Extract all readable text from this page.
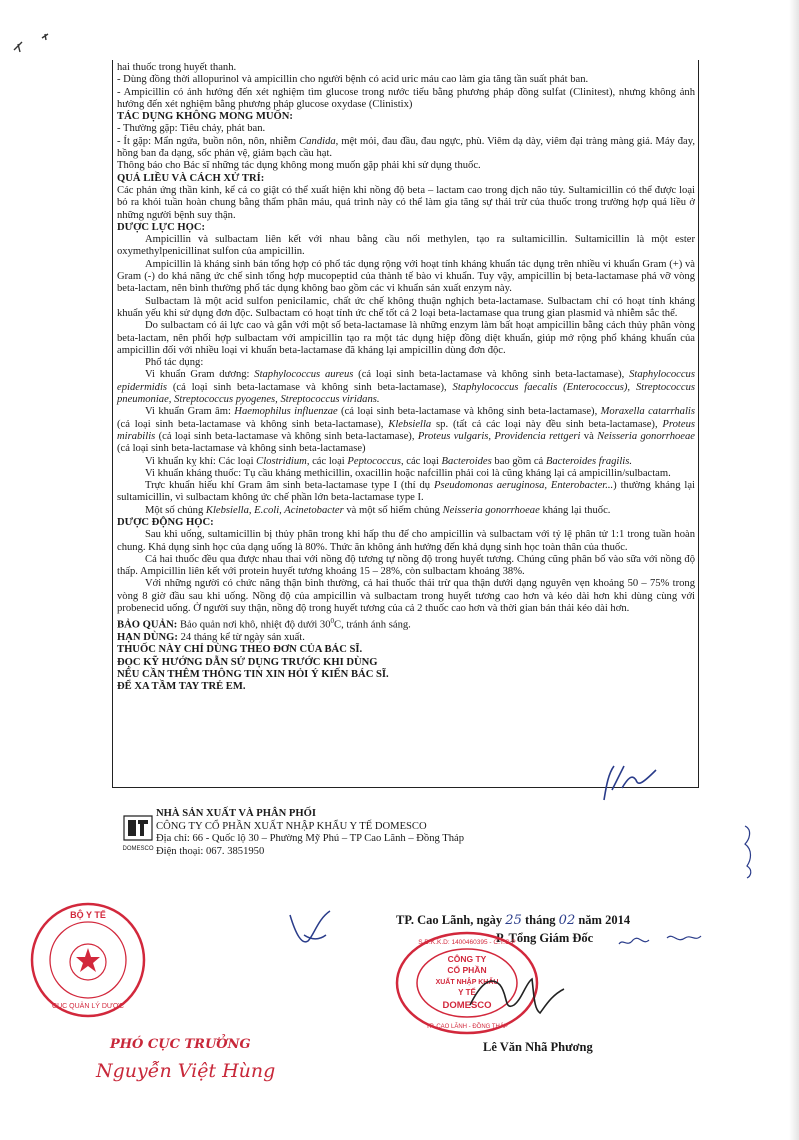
hai thuốc trong huyết thanh.

- Dùng đồng thời allopurinol và ampicillin cho người bệnh có acid uric máu cao làm gia tăng tần suất phát ban.

- Ampicillin có ảnh hưởng đến xét nghiệm tìm glucose trong nước tiểu bằng phương pháp đồng sulfat (Clinitest), nhưng không ảnh hưởng đến xét nghiệm bằng phương pháp glucose oxydase (Clinistix)

TÁC DỤNG KHÔNG MONG MUỐN:

- Thường gặp: Tiêu chảy, phát ban.

- Ít gặp: Mẩn ngứa, buồn nôn, nôn, nhiễm Candida, mệt mỏi, đau đầu, đau ngực, phù. Viêm dạ dày, viêm đại tràng màng giả. Máy đay, hồng ban đa dạng, sốc phản vệ, giảm bạch cầu hạt.

Thông báo cho Bác sĩ những tác dụng không mong muốn gặp phải khi sử dụng thuốc.

QUÁ LIỀU VÀ CÁCH XỬ TRÍ:

Các phản ứng thần kinh, kể cả co giật có thể xuất hiện khi nồng độ beta – lactam cao trong dịch não tủy. Sultamicillin có thể được loại bỏ ra khỏi tuần hoàn chung bằng thẩm phân máu, quá trình này có thể làm gia tăng sự thải trừ của thuốc trong trường hợp quá liều ở những người bệnh suy thận.

DƯỢC LỰC HỌC:

Ampicillin và sulbactam liên kết với nhau bằng cầu nối methylen, tạo ra sultamicillin. Sultamicillin là một ester oxymethylpenicillinat sulfon của ampicillin.

Ampicillin là kháng sinh bán tổng hợp có phổ tác dụng rộng với hoạt tính kháng khuẩn tác dụng trên nhiều vi khuẩn Gram (+) và Gram (-) do khả năng ức chế sinh tổng hợp mucopeptid của thành tế bào vi khuẩn. Tuy vậy, ampicillin bị beta-lactamase phá vỡ vòng beta-lactam, nên bình thường phổ tác dụng không bao gồm các vi khuẩn sản xuất enzym này.

Sulbactam là một acid sulfon penicilamic, chất ức chế không thuận nghịch beta-lactamase. Sulbactam chỉ có hoạt tính kháng khuẩn yếu khi sử dụng đơn độc. Sulbactam có hoạt tính ức chế tốt cả 2 loại beta-lactamase qua trung gian plasmid và nhiễm sắc thể.

Do sulbactam có ái lực cao và gắn với một số beta-lactamase là những enzym làm bất hoạt ampicillin bằng cách thủy phân vòng beta-lactam, nên phối hợp sulbactam với ampicillin tạo ra một tác dụng hiệp đồng diệt khuẩn, giúp mở rộng phổ kháng khuẩn của ampicillin đối với nhiều loại vi khuẩn beta-lactamase đã kháng lại ampicillin dùng đơn độc.

Phổ tác dụng:

Vi khuẩn Gram dương: Staphylococcus aureus (cả loại sinh beta-lactamase và không sinh beta-lactamase), Staphylococcus epidermidis (cả loại sinh beta-lactamase và không sinh beta-lactamase), Staphylococcus faecalis (Enterococcus), Streptococcus pneumoniae, Streptococcus pyogenes, Streptococcus viridans.

Vi khuẩn Gram âm: Haemophilus influenzae (cả loại sinh beta-lactamase và không sinh beta-lactamase), Moraxella catarrhalis (cả loại sinh beta-lactamase và không sinh beta-lactamase), Klebsiella sp. (tất cả các loại này đều sinh beta-lactamase), Proteus mirabilis (cả loại sinh beta-lactamase và không sinh beta-lactamase), Proteus vulgaris, Providencia rettgeri và Neisseria gonorrhoeae (cả loại sinh beta-lactamase và không sinh beta-lactamase)

Vi khuẩn kỵ khí: Các loại Clostridium, các loại Peptococcus, các loại Bacteroides bao gồm cả Bacteroides fragilis.

Vi khuẩn kháng thuốc: Tụ cầu kháng methicillin, oxacillin hoặc nafcillin phải coi là cũng kháng lại cả ampicillin/sulbactam.

Trực khuẩn hiếu khí Gram âm sinh beta-lactamase type I (thí dụ Pseudomonas aeruginosa, Enterobacter...) thường kháng lại sultamicillin, vì sulbactam không ức chế phần lớn beta-lactamase type I.

Một số chủng Klebsiella, E.coli, Acinetobacter và một số hiếm chủng Neisseria gonorrhoeae kháng lại thuốc.

DƯỢC ĐỘNG HỌC:

Sau khi uống, sultamicillin bị thủy phân trong khi hấp thu để cho ampicillin và sulbactam với tỷ lệ phân tử 1:1 trong tuần hoàn chung. Khả dụng sinh học của dạng uống là 80%. Thức ăn không ảnh hưởng đến khả dụng sinh học toàn thân của thuốc.

Cả hai thuốc đều qua được nhau thai với nồng độ tương tự nồng độ trong huyết tương. Chúng cũng phân bố vào sữa với nồng độ thấp. Ampicillin liên kết với protein huyết tương khoảng 15 – 28%, còn sulbactam khoảng 38%.

Với những người có chức năng thận bình thường, cả hai thuốc thải trừ qua thận dưới dạng nguyên vẹn khoảng 50 – 75% trong vòng 8 giờ đầu sau khi uống. Nồng độ của ampicillin và sulbactam trong huyết tương cao hơn và kéo dài hơn khi dùng cùng với probenecid uống. Ở người suy thận, nồng độ trong huyết tương của cả 2 thuốc cao hơn và thời gian bán thải kéo dài hơn.

BẢO QUẢN: Bảo quản nơi khô, nhiệt độ dưới $30^0C$, tránh ánh sáng.

HẠN DÙNG: 24 tháng kể từ ngày sản xuất.

THUỐC NÀY CHỈ DÙNG THEO ĐƠN CỦA BÁC SĨ.

ĐỌC KỸ HƯỚNG DẪN SỬ DỤNG TRƯỚC KHI DÙNG

NẾU CẦN THÊM THÔNG TIN XIN HỎI Ý KIẾN BÁC SĨ.

ĐỂ XA TẦM TAY TRẺ EM.

DOMESCO
NHÀ SẢN XUẤT VÀ PHÂN PHỐI
CÔNG TY CỔ PHẦN XUẤT NHẬP KHẨU Y TẾ DOMESCO
Địa chỉ: 66 - Quốc lộ 30 – Phường Mỹ Phú – TP Cao Lãnh – Đồng Tháp
Điện thoại: 067. 3851950
TP. Cao Lãnh, ngày 25 tháng 02 năm 2014
P. Tổng Giám Đốc
Lê Văn Nhã Phương
CÔNG TY
CỔ PHẦN
XUẤT NHẬP KHẨU
Y TẾ
DOMESCO
S.Đ.K.K.D: 1400460395 - C.T.C.P
TP. CAO LÃNH - ĐỒNG THÁP
BỘ Y TẾ
CỤC QUẢN LÝ DƯỢC
PHÓ CỤC TRƯỞNG
Nguyễn Việt Hùng
